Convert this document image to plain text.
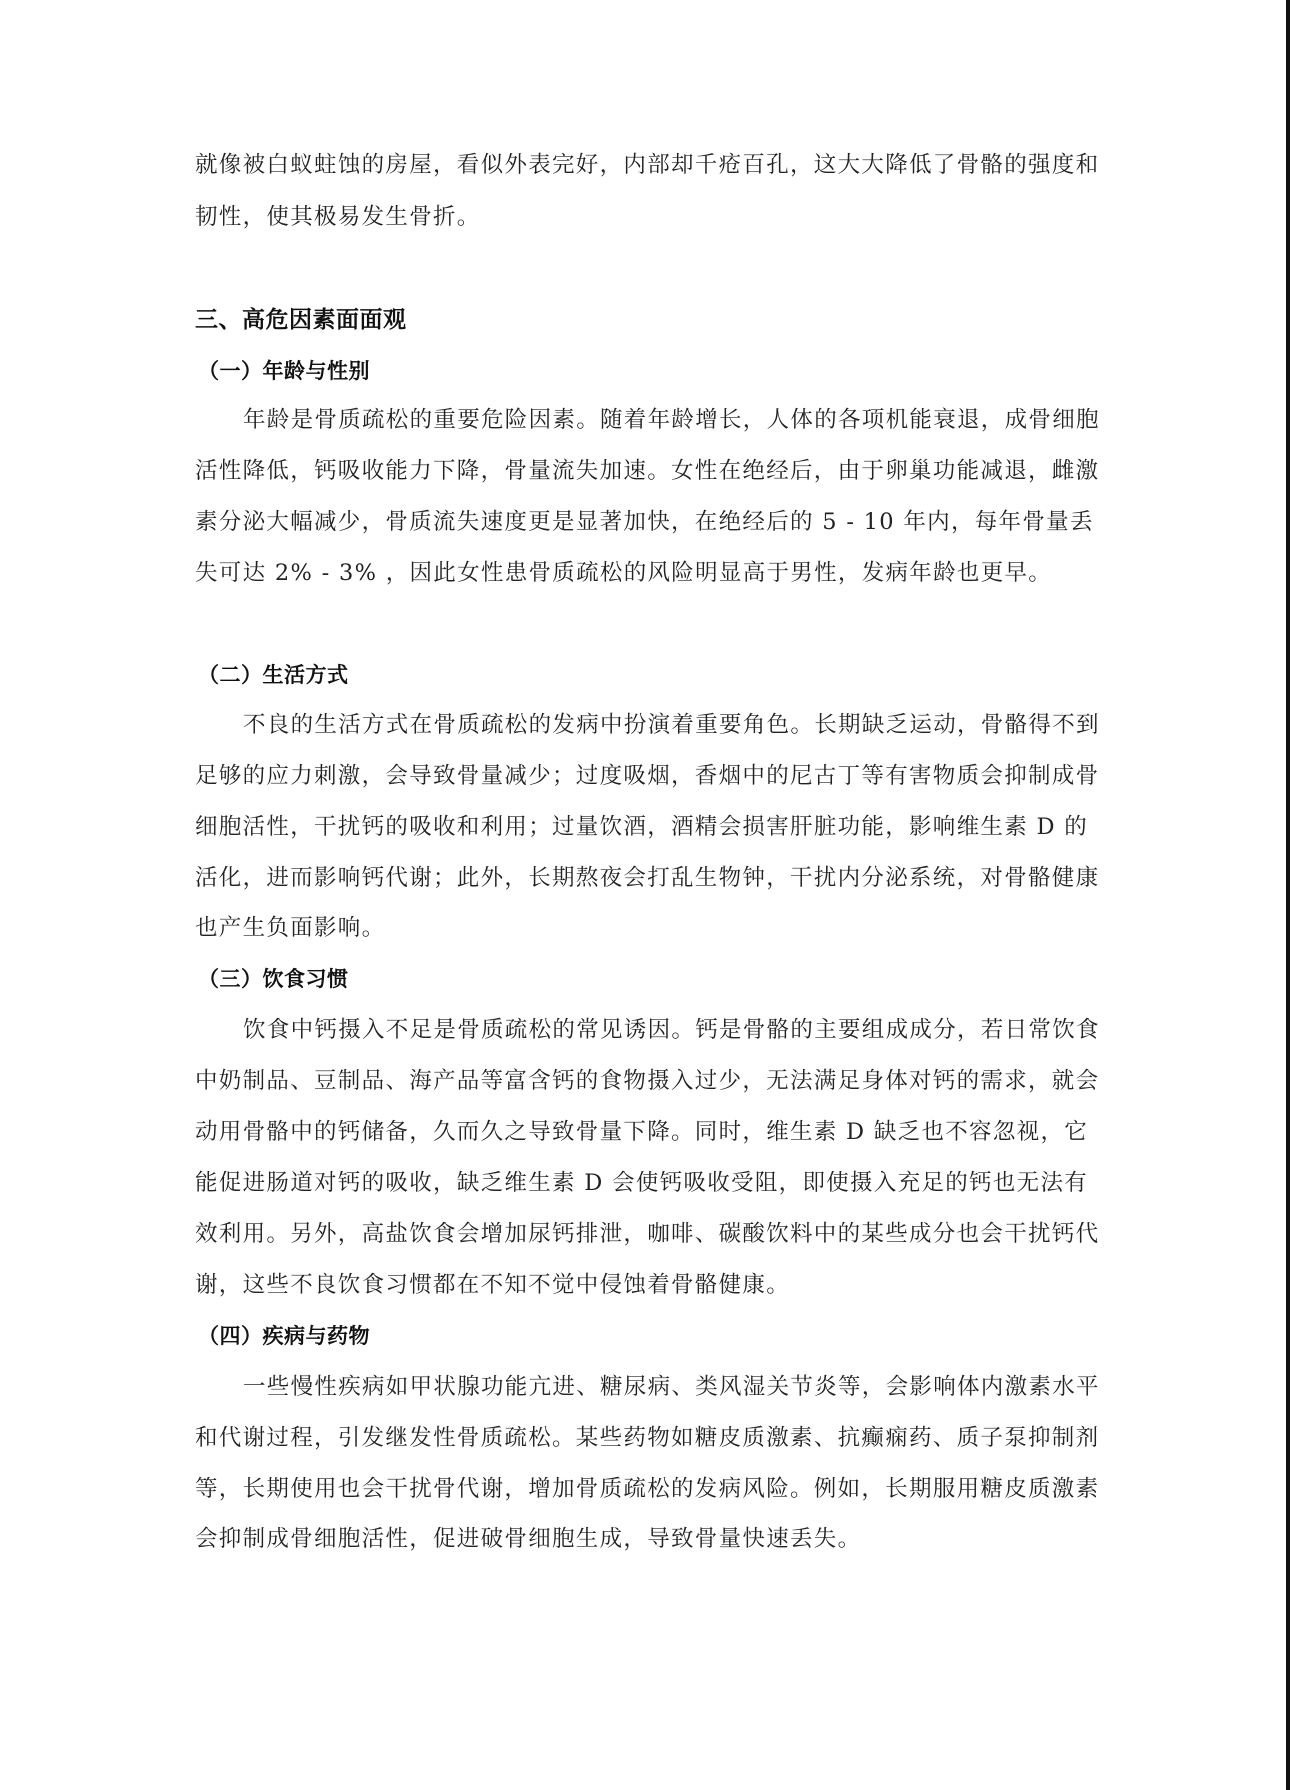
就像被白蚁蛀蚀的房屋，看似外表完好，内部却千疮百孔，这大大降低了骨骼的强度和
韧性，使其极易发生骨折。
三、高危因素面面观
（一）年龄与性别
年龄是骨质疏松的重要危险因素。随着年龄增长，人体的各项机能衰退，成骨细胞
活性降低，钙吸收能力下降，骨量流失加速。女性在绝经后，由于卵巢功能减退，雌激
素分泌大幅减少，骨质流失速度更是显著加快，在绝经后的 5 - 10 年内，每年骨量丢
失可达 2% - 3% ，因此女性患骨质疏松的风险明显高于男性，发病年龄也更早。
（二）生活方式
不良的生活方式在骨质疏松的发病中扮演着重要角色。长期缺乏运动，骨骼得不到
足够的应力刺激，会导致骨量减少；过度吸烟，香烟中的尼古丁等有害物质会抑制成骨
细胞活性，干扰钙的吸收和利用；过量饮酒，酒精会损害肝脏功能，影响维生素 D 的
活化，进而影响钙代谢；此外，长期熬夜会打乱生物钟，干扰内分泌系统，对骨骼健康
也产生负面影响。
（三）饮食习惯
饮食中钙摄入不足是骨质疏松的常见诱因。钙是骨骼的主要组成成分，若日常饮食
中奶制品、豆制品、海产品等富含钙的食物摄入过少，无法满足身体对钙的需求，就会
动用骨骼中的钙储备，久而久之导致骨量下降。同时，维生素 D 缺乏也不容忽视，它
能促进肠道对钙的吸收，缺乏维生素 D 会使钙吸收受阻，即使摄入充足的钙也无法有
效利用。另外，高盐饮食会增加尿钙排泄，咖啡、碳酸饮料中的某些成分也会干扰钙代
谢，这些不良饮食习惯都在不知不觉中侵蚀着骨骼健康。
（四）疾病与药物
一些慢性疾病如甲状腺功能亢进、糖尿病、类风湿关节炎等，会影响体内激素水平
和代谢过程，引发继发性骨质疏松。某些药物如糖皮质激素、抗癫痫药、质子泵抑制剂
等，长期使用也会干扰骨代谢，增加骨质疏松的发病风险。例如，长期服用糖皮质激素
会抑制成骨细胞活性，促进破骨细胞生成，导致骨量快速丢失。
